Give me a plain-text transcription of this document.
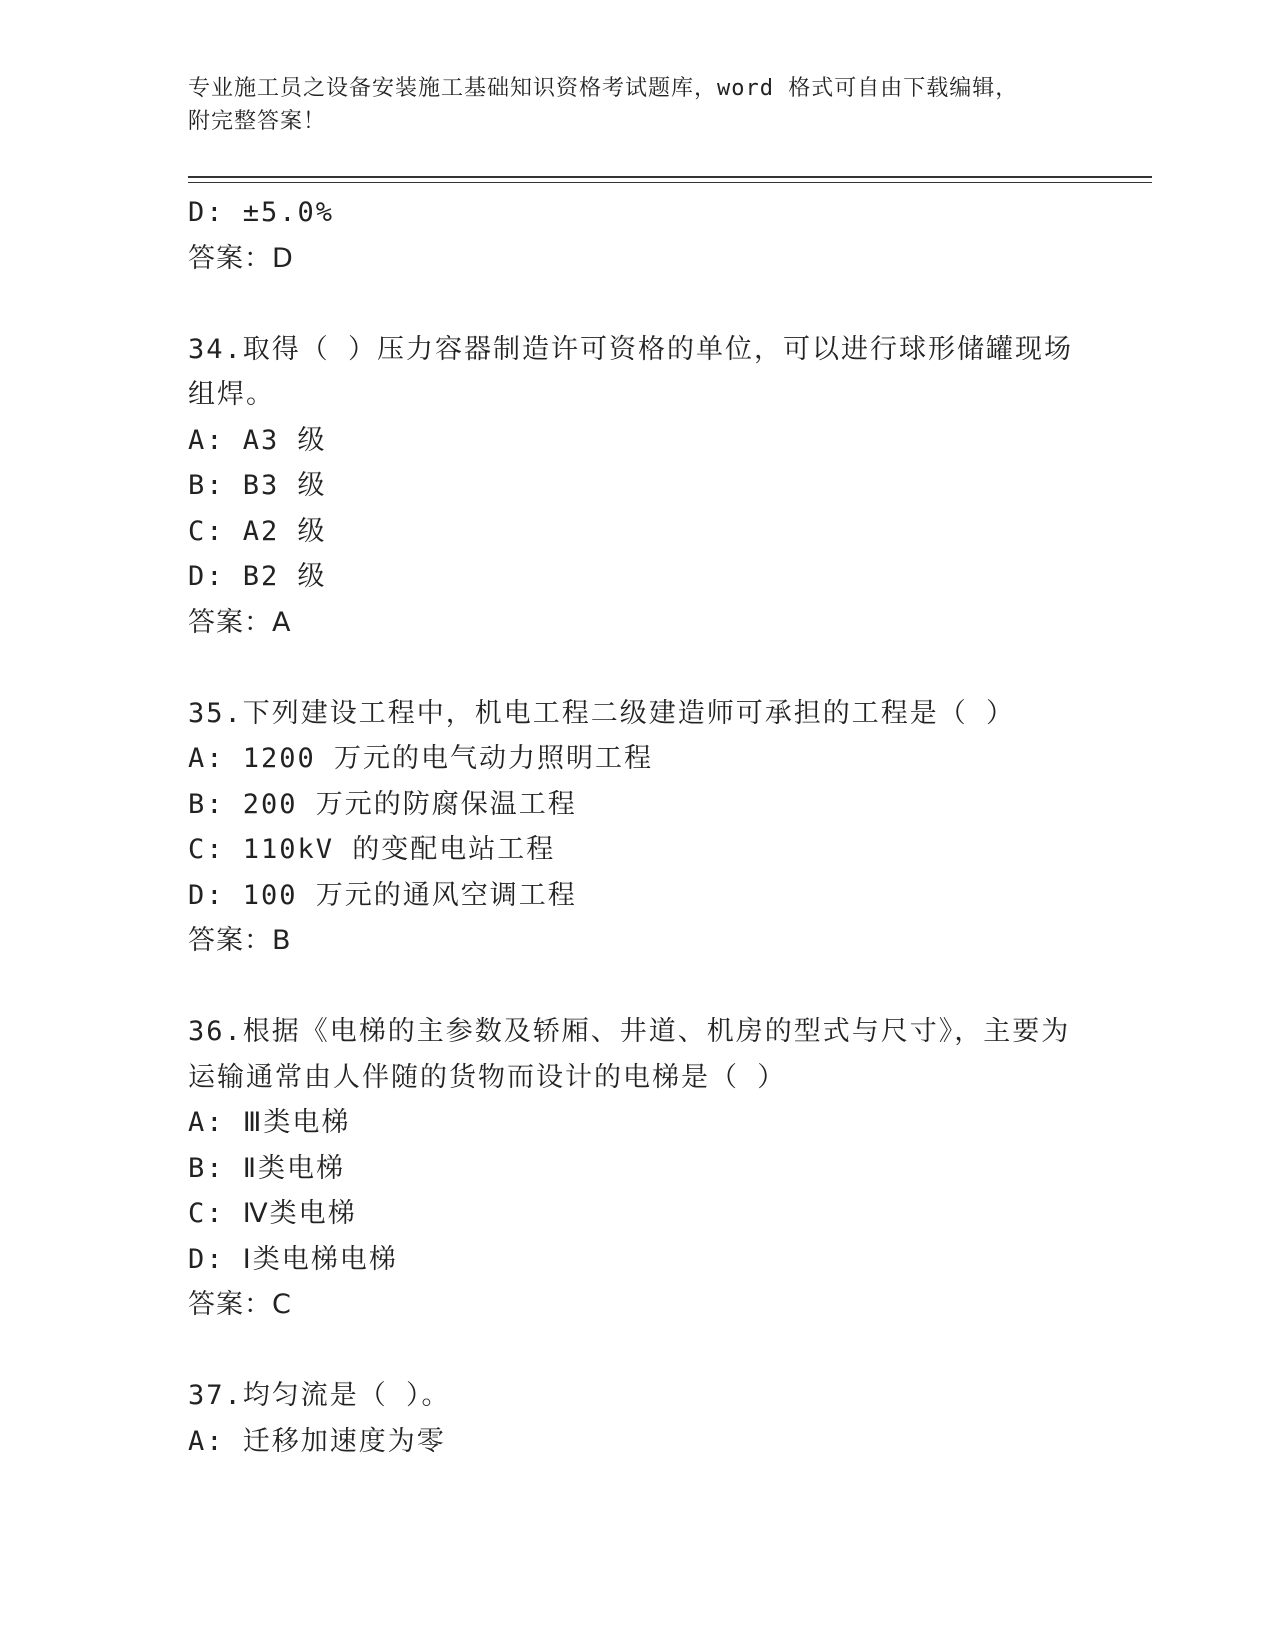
专业施工员之设备安装施工基础知识资格考试题库，word 格式可自由下载编辑，
附完整答案！
D: ±5.0%
答案：D
34.取得（ ）压力容器制造许可资格的单位，可以进行球形储罐现场
组焊。
A: A3 级
B: B3 级
C: A2 级
D: B2 级
答案：A
35.下列建设工程中，机电工程二级建造师可承担的工程是（ ）
A: 1200 万元的电气动力照明工程
B: 200 万元的防腐保温工程
C: 110kV 的变配电站工程
D: 100 万元的通风空调工程
答案：B
36.根据《电梯的主参数及轿厢、井道、机房的型式与尺寸》，主要为
运输通常由人伴随的货物而设计的电梯是（ ）
A: Ⅲ类电梯
B: Ⅱ类电梯
C: Ⅳ类电梯
D: Ⅰ类电梯电梯
答案：C
37.均匀流是（ ）。
A: 迁移加速度为零
